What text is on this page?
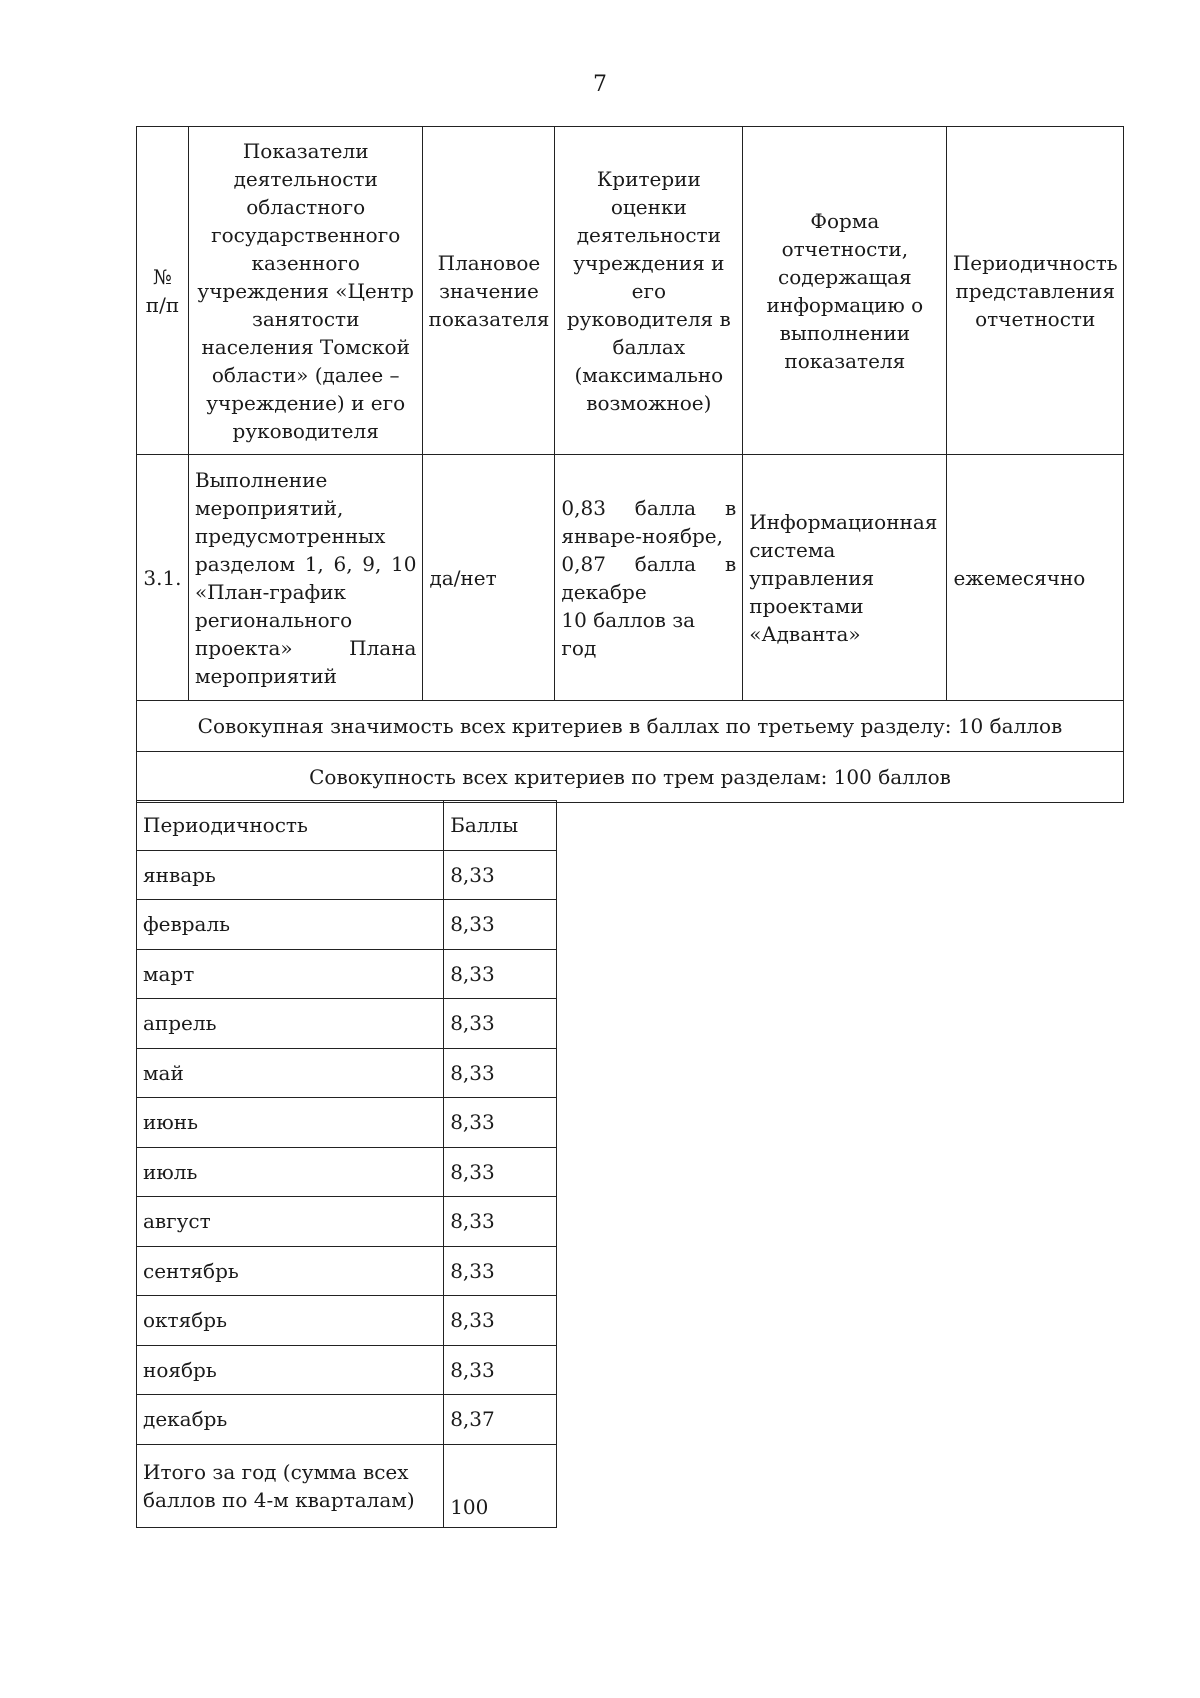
7
№ п/п	Показатели деятельности областного государственного казенного учреждения «Центр занятости населения Томской области» (далее – учреждение) и его руководителя	Плановое значение показателя	Критерии оценки деятельности учреждения и его руководителя в баллах (максимально возможное)	Форма отчетности, содержащая информацию о выполнении показателя	Периодичность представления отчетности
3.1.	Выполнение мероприятий, предусмотренных разделом 1, 6, 9, 10 «План-график регионального проекта» Плана мероприятий	да/нет	0,83 балла в январе-ноябре,
0,87 балла в декабре
10 баллов за год	Информационная система управления проектами «Адванта»	ежемесячно
Совокупная значимость всех критериев в баллах по третьему разделу: 10 баллов					
Совокупность всех критериев по трем разделам: 100 баллов					
Периодичность	Баллы
январь	8,33
февраль	8,33
март	8,33
апрель	8,33
май	8,33
июнь	8,33
июль	8,33
август	8,33
сентябрь	8,33
октябрь	8,33
ноябрь	8,33
декабрь	8,37
Итого за год (сумма всех баллов по 4-м кварталам)	100
